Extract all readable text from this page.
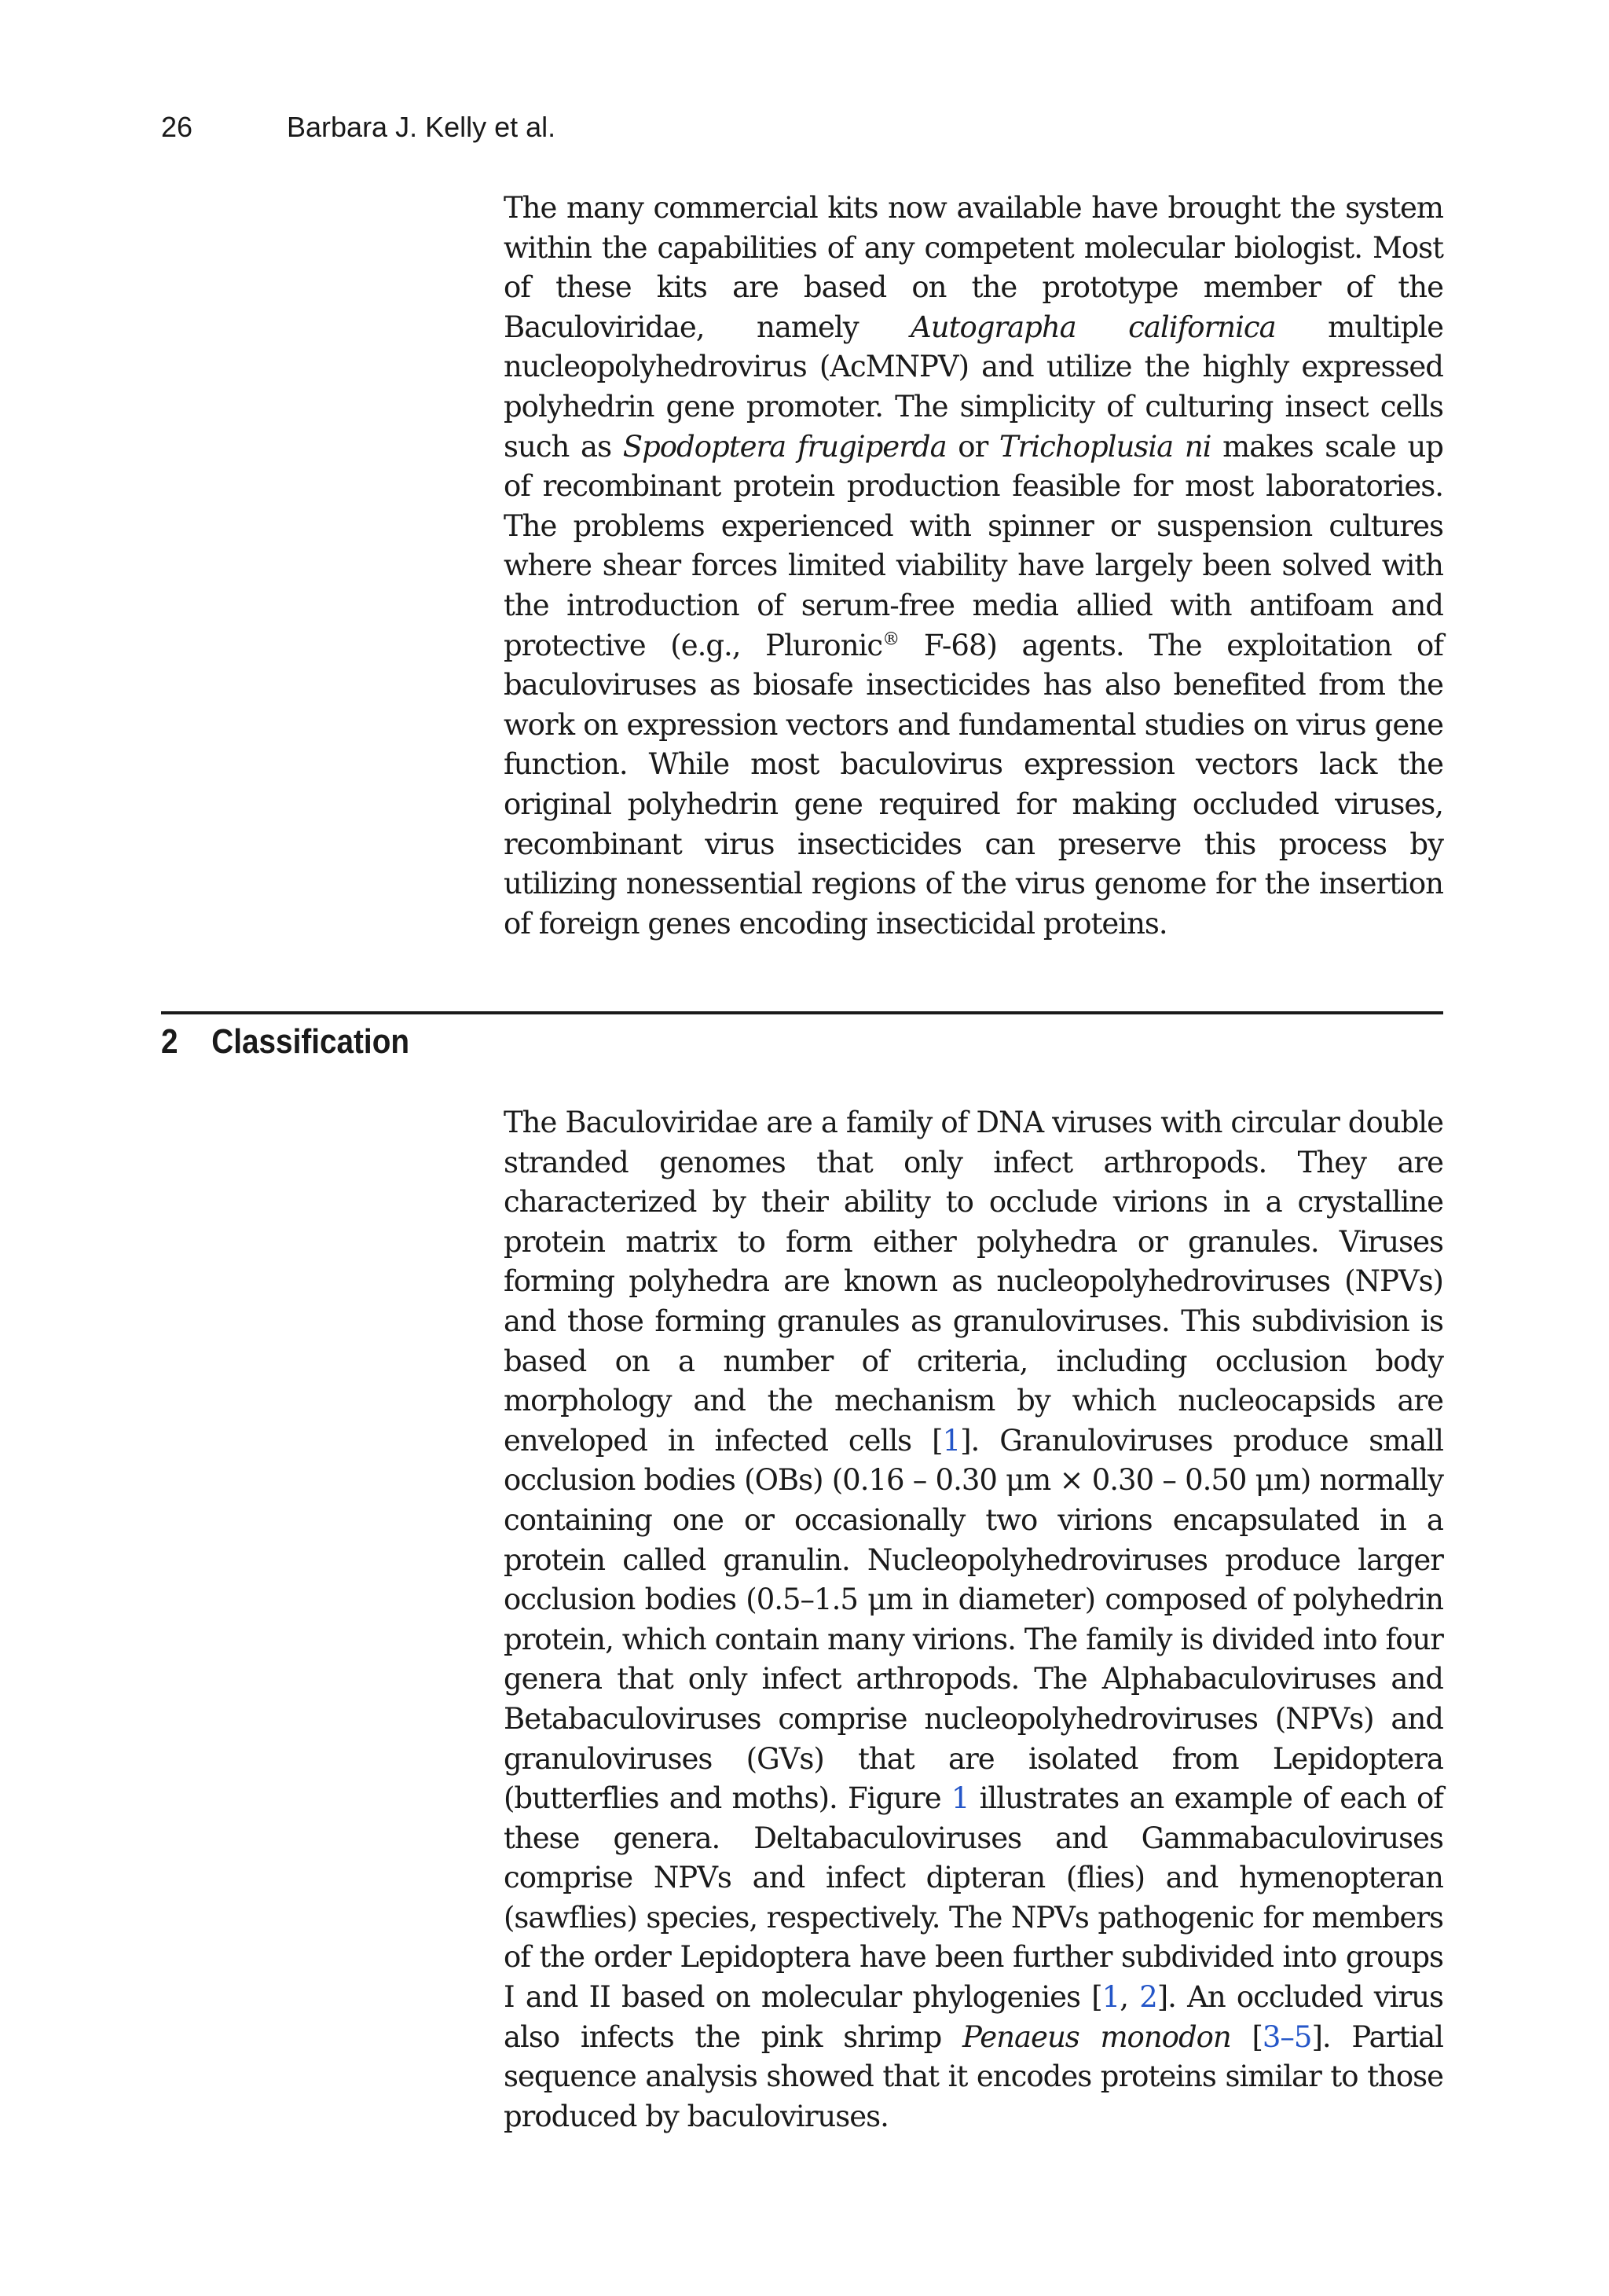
26	Barbara J. Kelly et al.

The many commercial kits now available have brought the system within the capabilities of any competent molecular biologist. Most of these kits are based on the prototype member of the Baculoviridae, namely Autographa californica multiple nucleopolyhedrovirus (AcMNPV) and utilize the highly expressed polyhedrin gene promoter. The simplicity of culturing insect cells such as Spodoptera frugiperda or Trichoplusia ni makes scale up of recombinant protein production feasible for most laboratories. The problems experienced with spinner or suspension cultures where shear forces limited viability have largely been solved with the introduction of serum-free media allied with antifoam and protective (e.g., Pluronic® F-68) agents. The exploitation of baculoviruses as biosafe insecticides has also benefited from the work on expression vectors and fundamental studies on virus gene function. While most baculovirus expression vectors lack the original polyhedrin gene required for making occluded viruses, recombinant virus insecticides can preserve this process by utilizing nonessential regions of the virus genome for the insertion of foreign genes encoding insecticidal proteins.

2 Classification

The Baculoviridae are a family of DNA viruses with circular double stranded genomes that only infect arthropods. They are characterized by their ability to occlude virions in a crystalline protein matrix to form either polyhedra or granules. Viruses forming polyhedra are known as nucleopolyhedroviruses (NPVs) and those forming granules as granuloviruses. This subdivision is based on a number of criteria, including occlusion body morphology and the mechanism by which nucleocapsids are enveloped in infected cells [1]. Granuloviruses produce small occlusion bodies (OBs) (0.16 – 0.30 μm × 0.30 – 0.50 μm) normally containing one or occasionally two virions encapsulated in a protein called granulin. Nucleopolyhedroviruses produce larger occlusion bodies (0.5–1.5 μm in diameter) composed of polyhedrin protein, which contain many virions. The family is divided into four genera that only infect arthropods. The Alphabaculoviruses and Betabaculoviruses comprise nucleopolyhedroviruses (NPVs) and granuloviruses (GVs) that are isolated from Lepidoptera (butterflies and moths). Figure 1 illustrates an example of each of these genera. Deltabaculoviruses and Gammabaculoviruses comprise NPVs and infect dipteran (flies) and hymenopteran (sawflies) species, respectively. The NPVs pathogenic for members of the order Lepidoptera have been further subdivided into groups I and II based on molecular phylogenies [1, 2]. An occluded virus also infects the pink shrimp Penaeus monodon [3–5]. Partial sequence analysis showed that it encodes proteins similar to those produced by baculoviruses.
